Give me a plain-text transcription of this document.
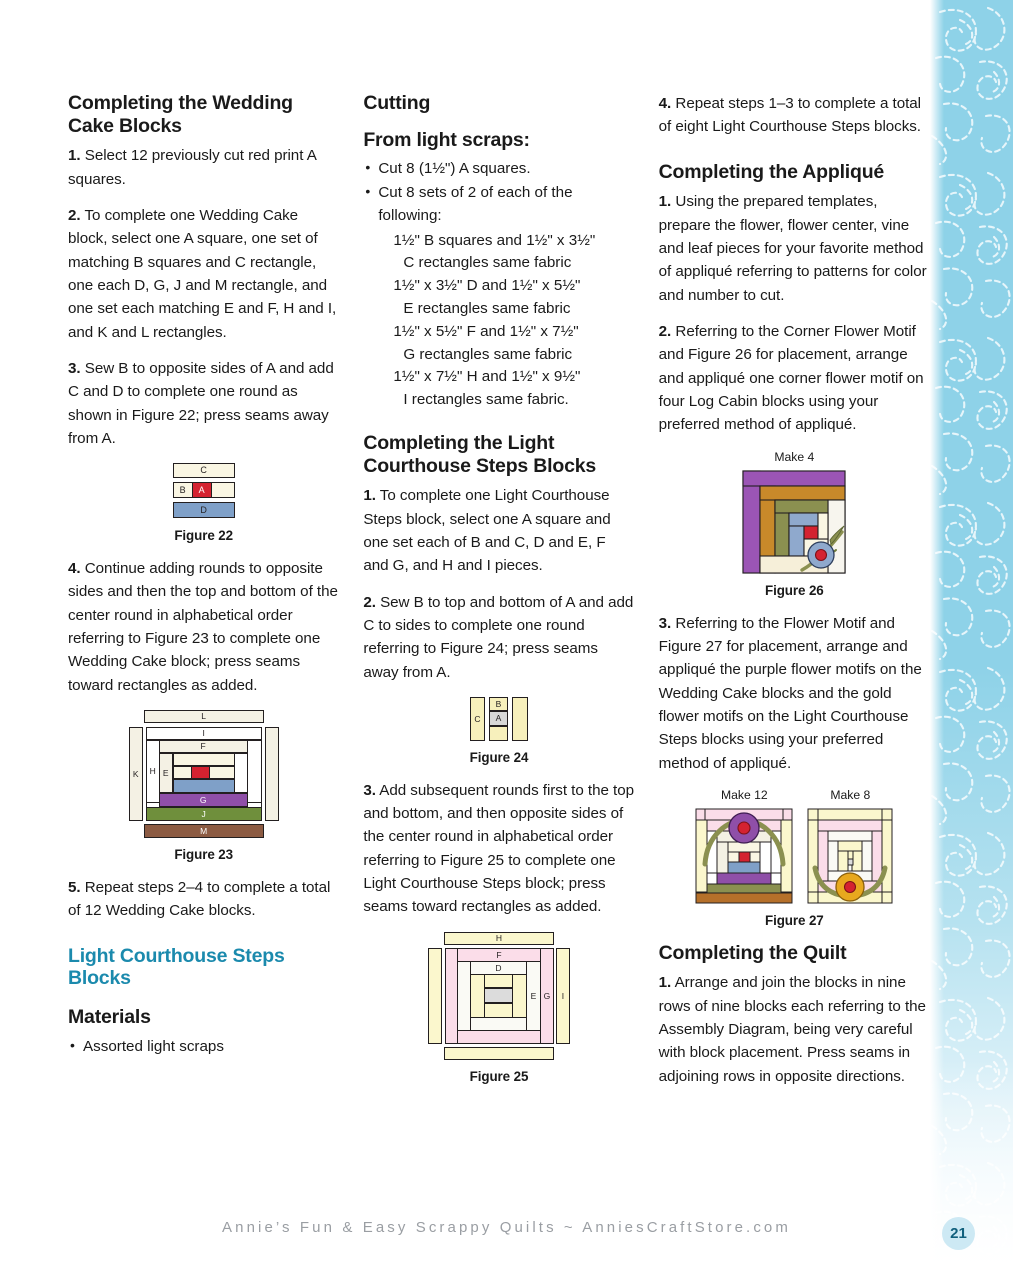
Completing the Wedding Cake Blocks

1. Select 12 previously cut red print A squares.

2. To complete one Wedding Cake block, select one A square, one set of matching B squares and C rectangle, one each D, G, J and M rectangle, and one set each matching E and F, H and I, and K and L rectangles.

3. Sew B to opposite sides of A and add C and D to complete one round as shown in Figure 22; press seams away from A.

C
B	A
D
Figure 22

4. Continue adding rounds to opposite sides and then the top and bottom of the center round in alphabetical order referring to Figure 23 to complete one Wedding Cake block; press seams toward rectangles as added.

L
K
I
F
H E
G
J
M
Figure 23

5. Repeat steps 2–4 to complete a total of 12 Wedding Cake blocks.

Light Courthouse Steps Blocks
Materials
• Assorted light scraps
Cutting
From light scraps:
• Cut 8 (1½") A squares.
• Cut 8 sets of 2 of each of the following:
1½" B squares and 1½" x 3½"
C rectangles same fabric
1½" x 3½" D and 1½" x 5½"
E rectangles same fabric
1½" x 5½" F and 1½" x 7½"
G rectangles same fabric
1½" x 7½" H and 1½" x 9½"
I rectangles same fabric.
Completing the Light Courthouse Steps Blocks

1. To complete one Light Courthouse Steps block, select one A square and one set each of B and C, D and E, F and G, and H and I pieces.

2. Sew B to top and bottom of A and add C to sides to complete one round referring to Figure 24; press seams away from A.

C
B
A
Figure 24

3. Add subsequent rounds first to the top and bottom, and then opposite sides of the center round in alphabetical order referring to Figure 25 to complete one Light Courthouse Steps block; press seams toward rectangles as added.

H
I
G
F
E
D
Figure 25

4. Repeat steps 1–3 to complete a total of eight Light Courthouse Steps blocks.

Completing the Appliqué

1. Using the prepared templates, prepare the flower, flower center, vine and leaf pieces for your favorite method of appliqué referring to patterns for color and number to cut.

2. Referring to the Corner Flower Motif and Figure 26 for placement, arrange and appliqué one corner flower motif on four Log Cabin blocks using your preferred method of appliqué.

Make 4
Figure 26

3. Referring to the Flower Motif and Figure 27 for placement, arrange and appliqué the purple flower motifs on the Wedding Cake blocks and the gold flower motifs on the Light Courthouse Steps blocks using your preferred method of appliqué.

Make 12	Make 8
Figure 27
Completing the Quilt

1. Arrange and join the blocks in nine rows of nine blocks each referring to the Assembly Diagram, being very careful with block placement. Press seams in adjoining rows in opposite directions.

Annie’s Fun & Easy Scrappy Quilts ~ AnniesCraftStore.com	21
